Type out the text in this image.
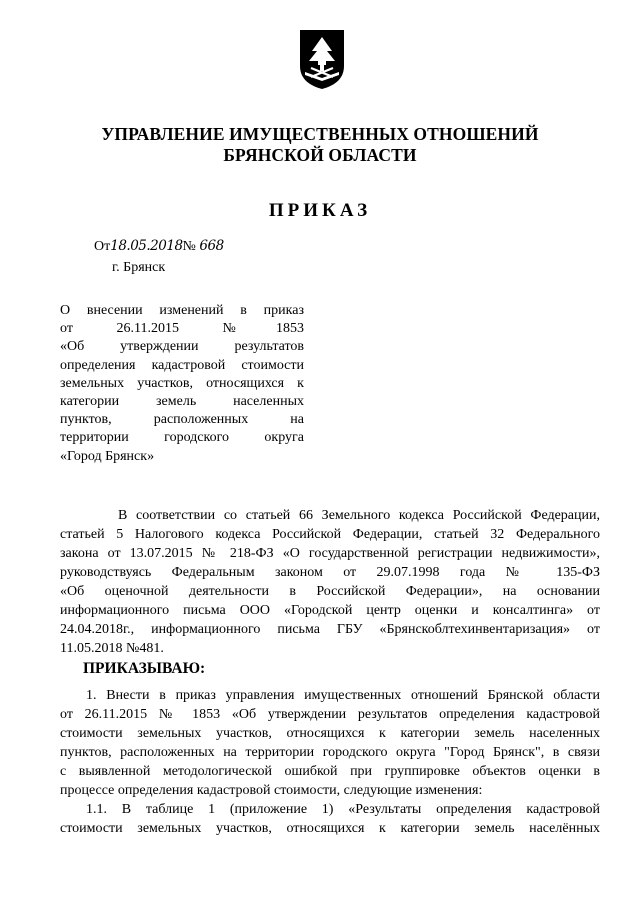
УПРАВЛЕНИЕ ИМУЩЕСТВЕННЫХ ОТНОШЕНИЙ
БРЯНСКОЙ ОБЛАСТИ
ПРИКАЗ
От18.05.2018№ 668
г. Брянск
О внесении изменений в приказ
от 26.11.2015 №1853
«Об утверждении результатов
определения кадастровой стоимости
земельных участков, относящихся к
категории земель населенных
пунктов, расположенных на
территории городского округа
«Город Брянск»
В соответствии со статьей 66 Земельного кодекса Российской Федерации,
статьей 5 Налогового кодекса Российской Федерации, статьей 32 Федерального
закона от 13.07.2015 № 218-ФЗ «О государственной регистрации недвижимости»,
руководствуясь Федеральным законом от 29.07.1998 года № 135-ФЗ
«Об оценочной деятельности в Российской Федерации», на основании
информационного письма ООО «Городской центр оценки и консалтинга» от
24.04.2018г., информационного письма ГБУ «Брянскоблтехинвентаризация» от
11.05.2018 №481.
ПРИКАЗЫВАЮ:
1. Внести в приказ управления имущественных отношений Брянской области
от 26.11.2015 № 1853 «Об утверждении результатов определения кадастровой
стоимости земельных участков, относящихся к категории земель населенных
пунктов, расположенных на территории городского округа "Город Брянск", в связи
с выявленной методологической ошибкой при группировке объектов оценки в
процессе определения кадастровой стоимости, следующие изменения:
1.1. В таблице 1 (приложение 1) «Результаты определения кадастровой
стоимости земельных участков, относящихся к категории земель населённых
